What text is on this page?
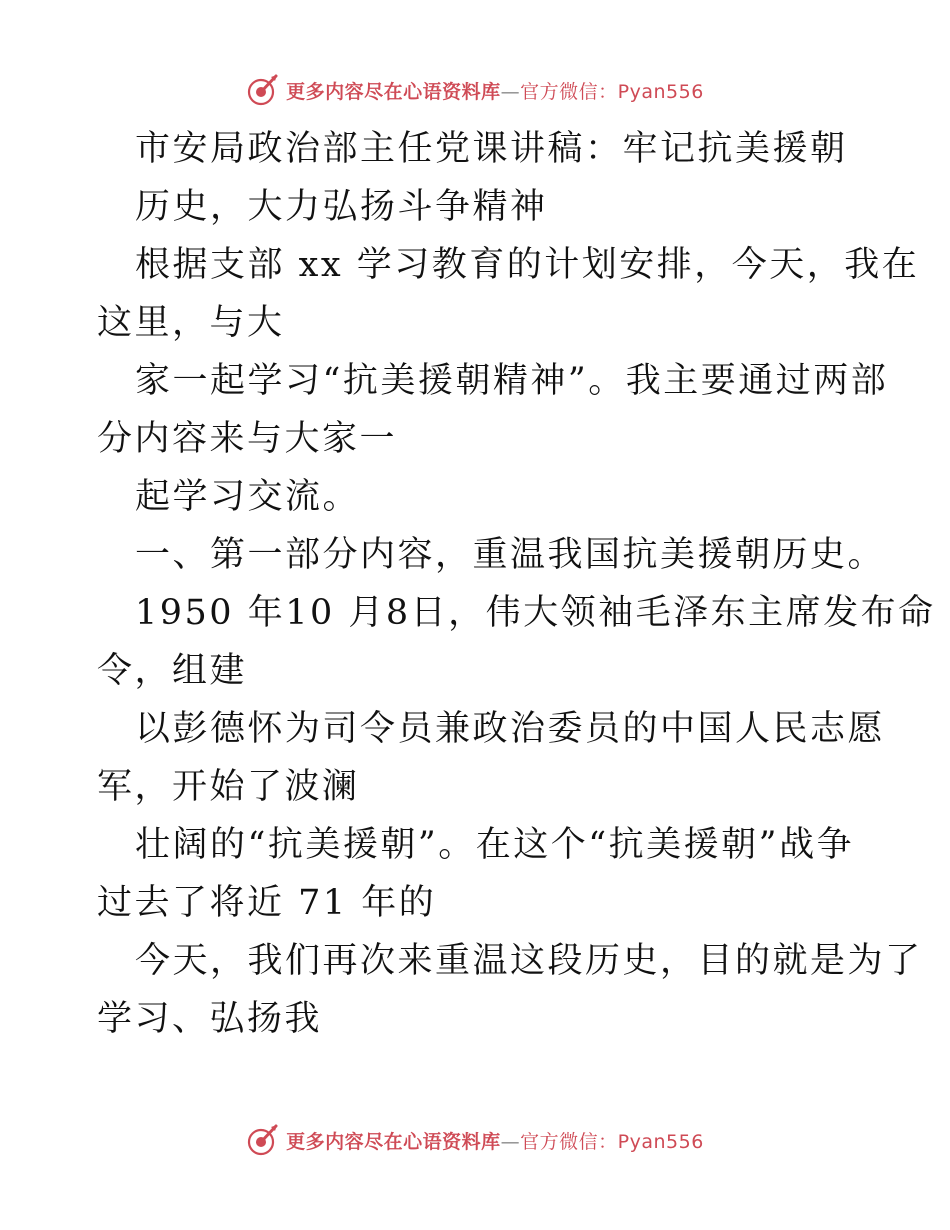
更多内容尽在心语资料库—官方微信：Pyan556
市安局政治部主任党课讲稿：牢记抗美援朝
历史，大力弘扬斗争精神
根据支部 xx 学习教育的计划安排，今天，我在
这里，与大
家一起学习“抗美援朝精神”。我主要通过两部
分内容来与大家一
起学习交流。
一、第一部分内容，重温我国抗美援朝历史。
1950 年10 月8日，伟大领袖毛泽东主席发布命
令，组建
以彭德怀为司令员兼政治委员的中国人民志愿
军，开始了波澜
壮阔的“抗美援朝”。在这个“抗美援朝”战争
过去了将近 71 年的
今天，我们再次来重温这段历史，目的就是为了
学习、弘扬我
更多内容尽在心语资料库—官方微信：Pyan556
